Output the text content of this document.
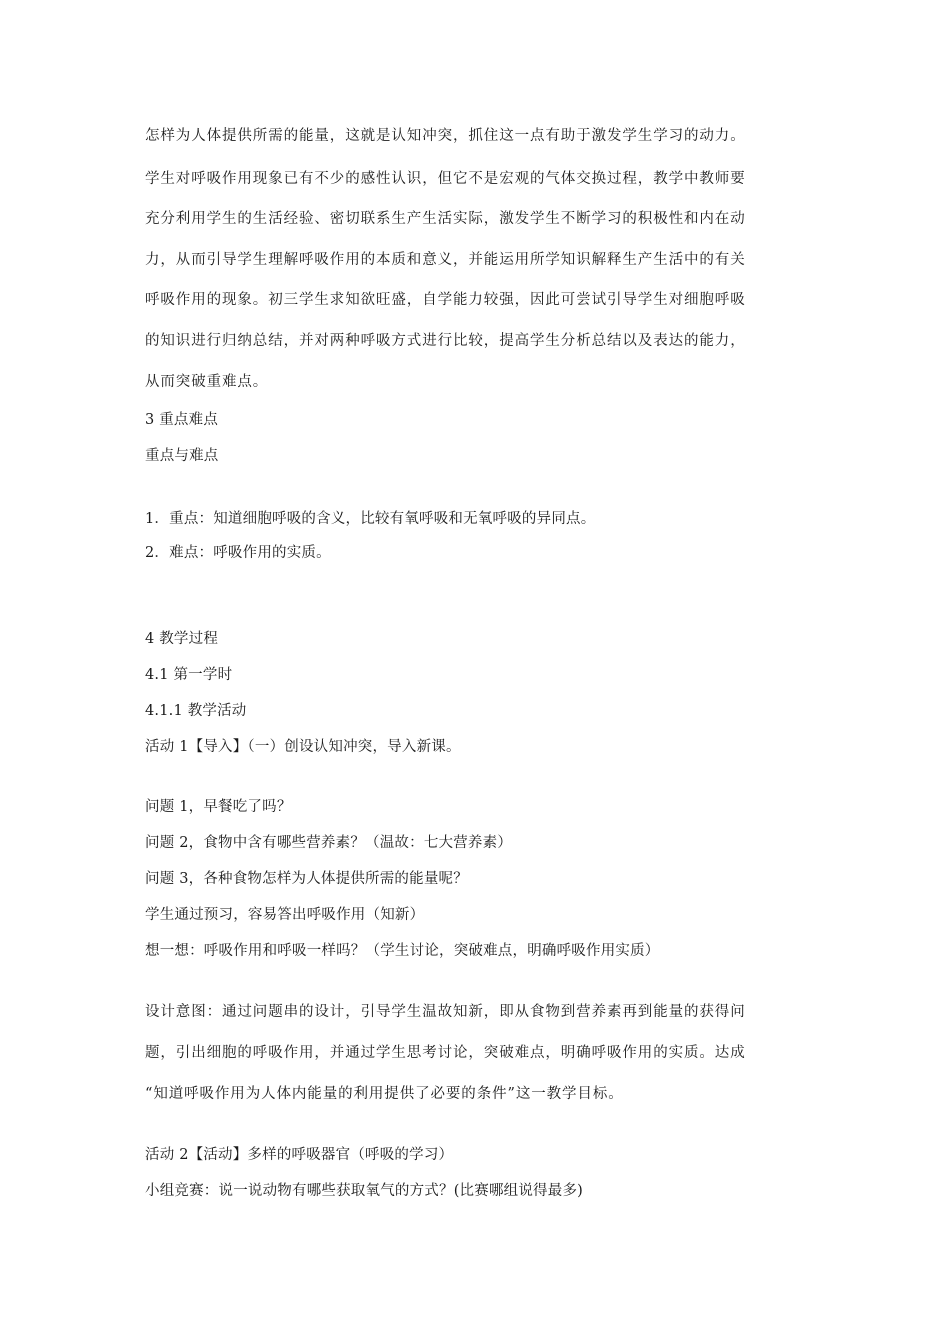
怎样为人体提供所需的能量，这就是认知冲突，抓住这一点有助于激发学生学习的动力。
学生对呼吸作用现象已有不少的感性认识，但它不是宏观的气体交换过程，教学中教师要
充分利用学生的生活经验、密切联系生产生活实际，激发学生不断学习的积极性和内在动
力，从而引导学生理解呼吸作用的本质和意义，并能运用所学知识解释生产生活中的有关
呼吸作用的现象。初三学生求知欲旺盛，自学能力较强，因此可尝试引导学生对细胞呼吸
的知识进行归纳总结，并对两种呼吸方式进行比较，提高学生分析总结以及表达的能力，
从而突破重难点。
3 重点难点
重点与难点
1．重点：知道细胞呼吸的含义，比较有氧呼吸和无氧呼吸的异同点。
2．难点：呼吸作用的实质。
4 教学过程
4.1 第一学时
4.1.1 教学活动
活动 1【导入】（一）创设认知冲突，导入新课。
问题 1，早餐吃了吗？
问题 2，食物中含有哪些营养素？（温故：七大营养素）
问题 3，各种食物怎样为人体提供所需的能量呢？
学生通过预习，容易答出呼吸作用（知新）
想一想：呼吸作用和呼吸一样吗？（学生讨论，突破难点，明确呼吸作用实质）
设计意图：通过问题串的设计，引导学生温故知新，即从食物到营养素再到能量的获得问
题，引出细胞的呼吸作用，并通过学生思考讨论，突破难点，明确呼吸作用的实质。达成
“知道呼吸作用为人体内能量的利用提供了必要的条件”这一教学目标。
活动 2【活动】多样的呼吸器官（呼吸的学习）
小组竞赛：说一说动物有哪些获取氧气的方式？(比赛哪组说得最多)
